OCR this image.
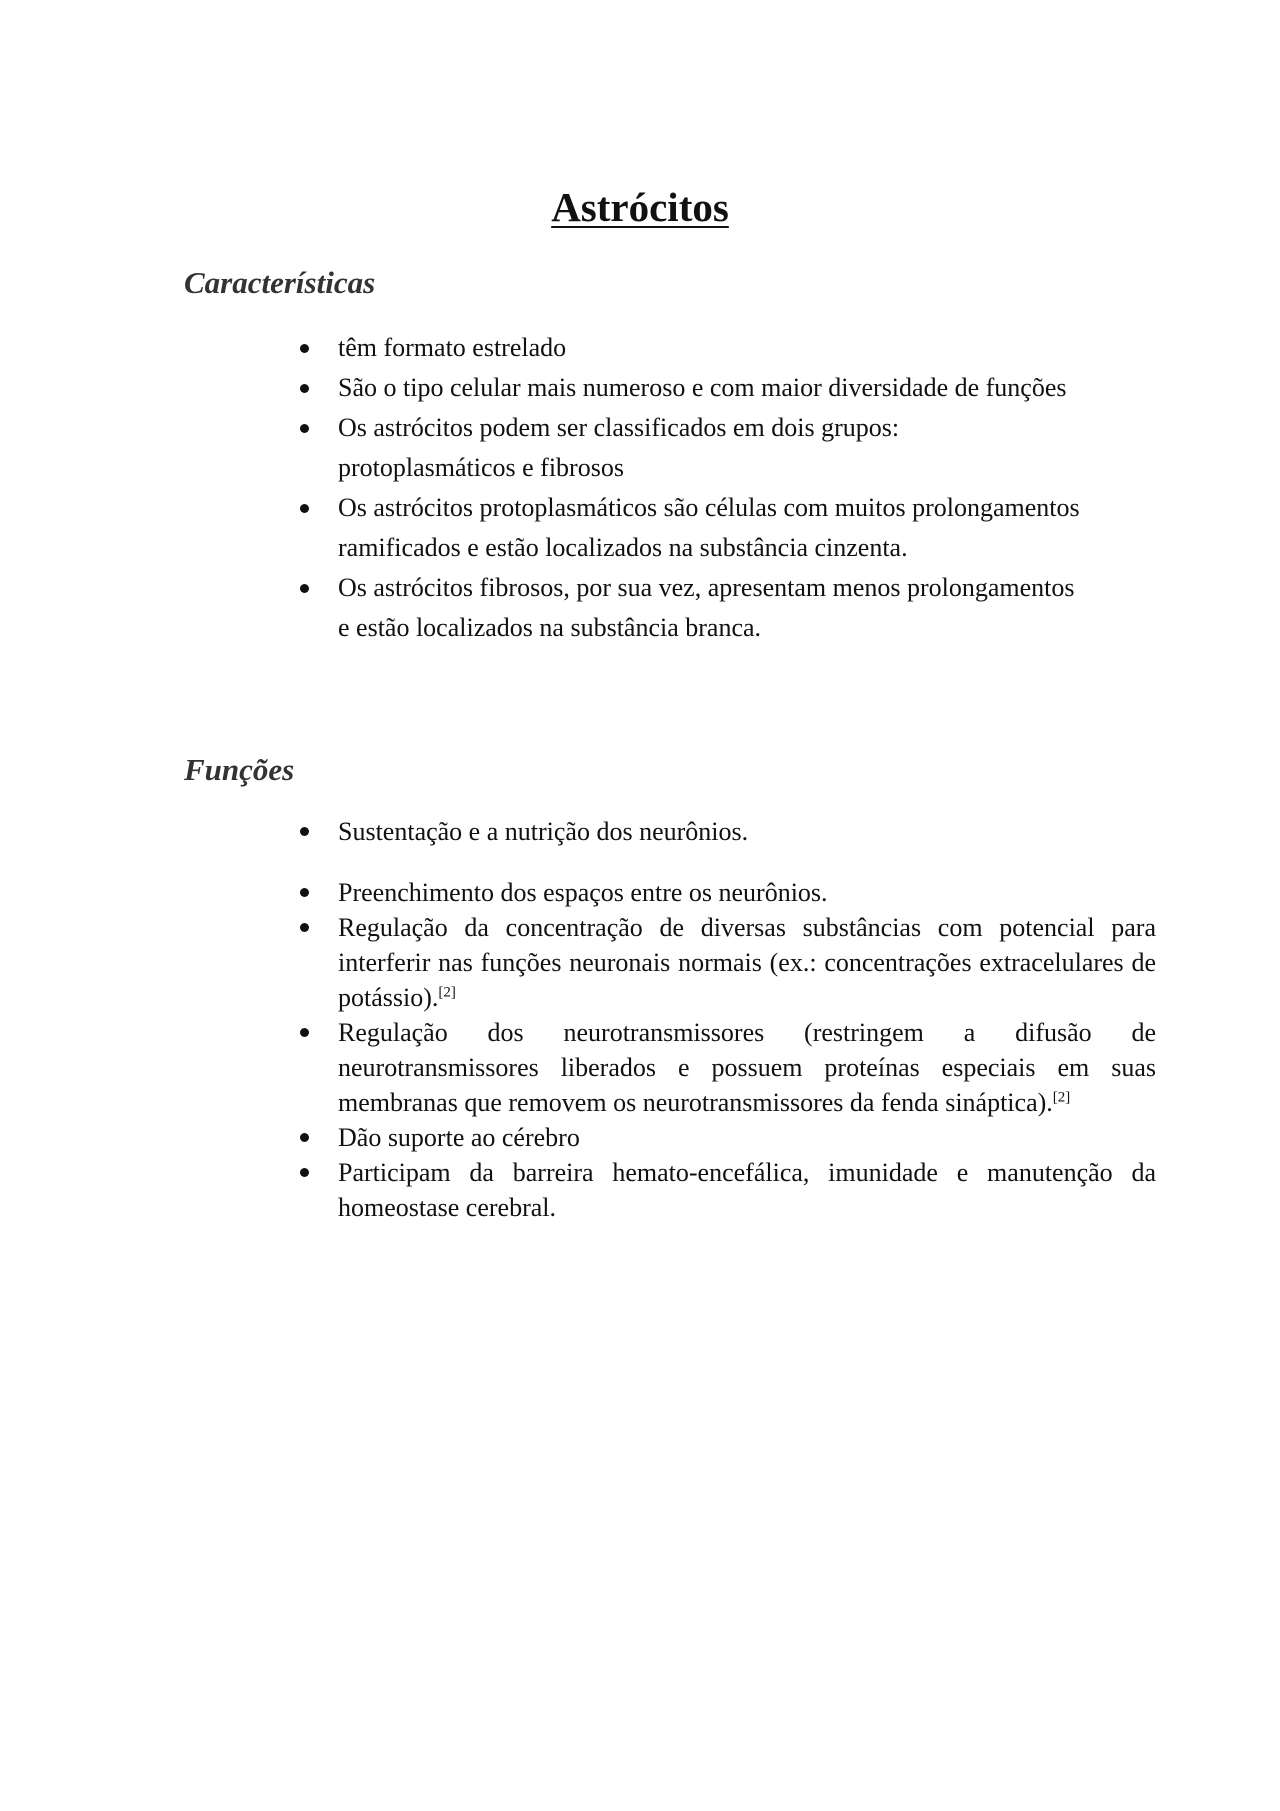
Astrócitos
Características
têm formato estrelado
São o tipo celular mais numeroso e com maior diversidade de funções
Os astrócitos podem ser classificados em dois grupos: protoplasmáticos e fibrosos
Os astrócitos protoplasmáticos são células com muitos prolongamentos ramificados e estão localizados na substância cinzenta.
Os astrócitos fibrosos, por sua vez, apresentam menos prolongamentos e estão localizados na substância branca.
Funções
Sustentação e a nutrição dos neurônios.
Preenchimento dos espaços entre os neurônios.
Regulação da concentração de diversas substâncias com potencial para interferir nas funções neuronais normais (ex.: concentrações extracelulares de potássio).[2]
Regulação dos neurotransmissores (restringem a difusão de neurotransmissores liberados e possuem proteínas especiais em suas membranas que removem os neurotransmissores da fenda sináptica).[2]
Dão suporte ao cérebro
Participam da barreira hemato-encefálica, imunidade e manutenção da homeostase cerebral.
